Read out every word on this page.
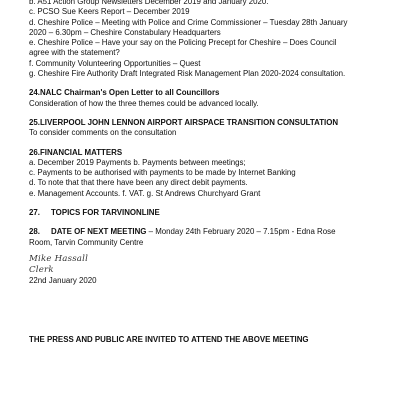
b. A51 Action Group Newsletters December 2019 and January 2020.
c. PCSO Sue Keers Report – December 2019
d. Cheshire Police – Meeting with Police and Crime Commissioner – Tuesday 28th January
2020 – 6.30pm – Cheshire Constabulary Headquarters
e. Cheshire Police – Have your say on the Policing Precept for Cheshire – Does Council
agree with the statement?
f. Community Volunteering Opportunities – Quest
g. Cheshire Fire Authority Draft Integrated Risk Management Plan 2020-2024 consultation.
24.NALC Chairman's Open Letter to all Councillors
Consideration of how the three themes could be advanced locally.
25.LIVERPOOL JOHN LENNON AIRPORT AIRSPACE TRANSITION CONSULTATION
To consider comments on the consultation
26.FINANCIAL MATTERS
a. December 2019 Payments b. Payments between meetings;
c. Payments to be authorised with payments to be made by Internet Banking
d. To note that that there have been any direct debit payments.
e. Management Accounts. f. VAT. g. St Andrews Churchyard Grant
27. TOPICS FOR TARVINONLINE
28. DATE OF NEXT MEETING – Monday 24th February 2020 – 7.15pm - Edna Rose
Room, Tarvin Community Centre
Mike Hassall
Clerk
22nd January 2020
THE PRESS AND PUBLIC ARE INVITED TO ATTEND THE ABOVE MEETING
